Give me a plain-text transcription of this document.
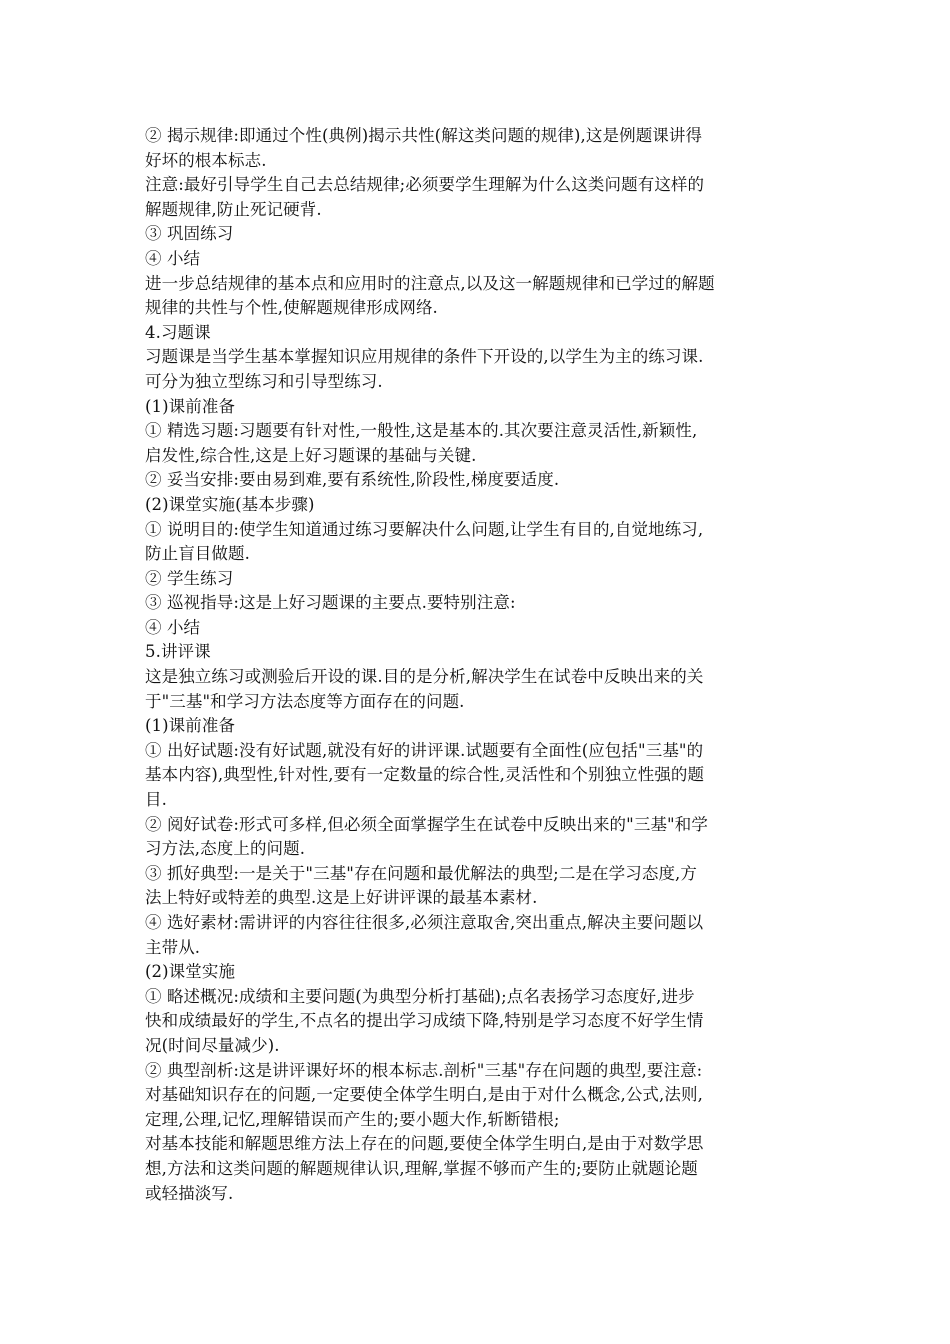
② 揭示规律:即通过个性(典例)揭示共性(解这类问题的规律),这是例题课讲得
好坏的根本标志.
注意:最好引导学生自己去总结规律;必须要学生理解为什么这类问题有这样的
解题规律,防止死记硬背.
③ 巩固练习
④ 小结
进一步总结规律的基本点和应用时的注意点,以及这一解题规律和已学过的解题
规律的共性与个性,使解题规律形成网络.
4.习题课
习题课是当学生基本掌握知识应用规律的条件下开设的,以学生为主的练习课.
可分为独立型练习和引导型练习.
(1)课前准备
① 精选习题:习题要有针对性,一般性,这是基本的.其次要注意灵活性,新颖性,
启发性,综合性,这是上好习题课的基础与关键.
② 妥当安排:要由易到难,要有系统性,阶段性,梯度要适度.
(2)课堂实施(基本步骤)
① 说明目的:使学生知道通过练习要解决什么问题,让学生有目的,自觉地练习,
防止盲目做题.
② 学生练习
③ 巡视指导:这是上好习题课的主要点.要特别注意:
④ 小结
5.讲评课
这是独立练习或测验后开设的课.目的是分析,解决学生在试卷中反映出来的关
于"三基"和学习方法态度等方面存在的问题.
(1)课前准备
① 出好试题:没有好试题,就没有好的讲评课.试题要有全面性(应包括"三基"的
基本内容),典型性,针对性,要有一定数量的综合性,灵活性和个别独立性强的题
目.
② 阅好试卷:形式可多样,但必须全面掌握学生在试卷中反映出来的"三基"和学
习方法,态度上的问题.
③ 抓好典型:一是关于"三基"存在问题和最优解法的典型;二是在学习态度,方
法上特好或特差的典型.这是上好讲评课的最基本素材.
④ 选好素材:需讲评的内容往往很多,必须注意取舍,突出重点,解决主要问题以
主带从.
(2)课堂实施
① 略述概况:成绩和主要问题(为典型分析打基础);点名表扬学习态度好,进步
快和成绩最好的学生,不点名的提出学习成绩下降,特别是学习态度不好学生情
况(时间尽量减少).
② 典型剖析:这是讲评课好坏的根本标志.剖析"三基"存在问题的典型,要注意:
对基础知识存在的问题,一定要使全体学生明白,是由于对什么概念,公式,法则,
定理,公理,记忆,理解错误而产生的;要小题大作,斩断错根;
对基本技能和解题思维方法上存在的问题,要使全体学生明白,是由于对数学思
想,方法和这类问题的解题规律认识,理解,掌握不够而产生的;要防止就题论题
或轻描淡写.
